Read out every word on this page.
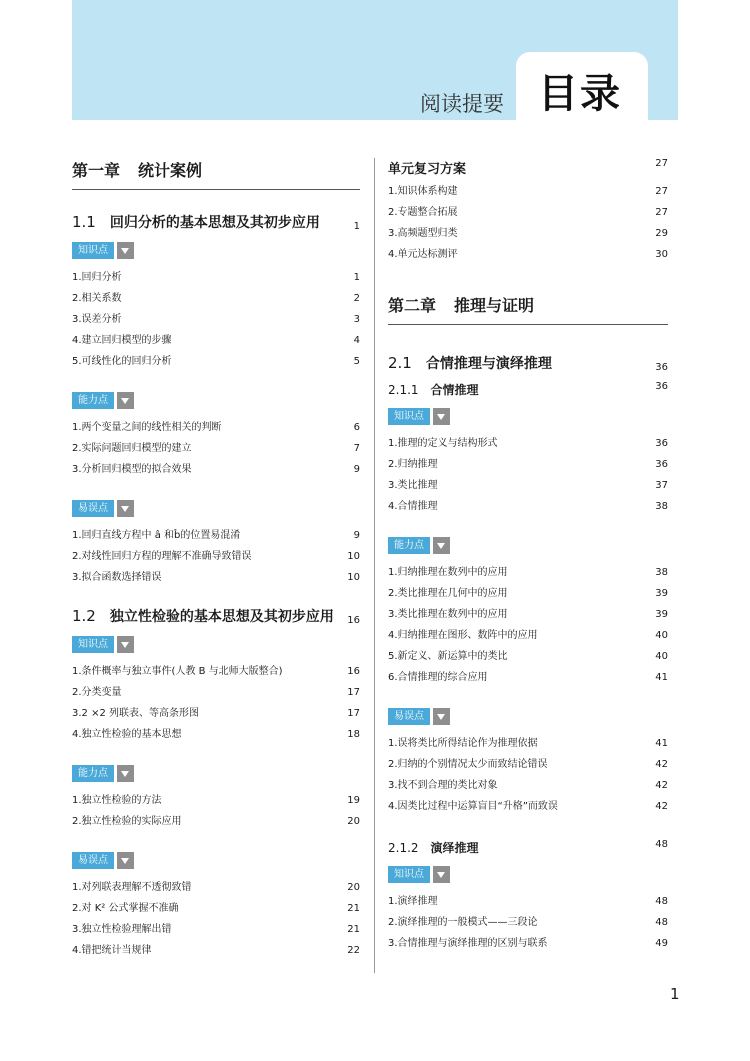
阅读提要 目录
第一章 统计案例
1.1 回归分析的基本思想及其初步应用	1
知识点
1.回归分析	1
2.相关系数	2
3.误差分析	3
4.建立回归模型的步骤	4
5.可线性化的回归分析	5
能力点
1.两个变量之间的线性相关的判断	6
2.实际问题回归模型的建立	7
3.分析回归模型的拟合效果	9
易误点
1.回归直线方程中 â 和b̂的位置易混淆	9
2.对线性回归方程的理解不准确导致错误	10
3.拟合函数选择错误	10
1.2 独立性检验的基本思想及其初步应用 16
知识点
1.条件概率与独立事件(人教 B 与北师大版整合)	16
2.分类变量	17
3.2 ×2 列联表、等高条形图	17
4.独立性检验的基本思想	18
能力点
1.独立性检验的方法	19
2.独立性检验的实际应用	20
易误点
1.对列联表理解不透彻致错	20
2.对 K² 公式掌握不准确	21
3.独立性检验理解出错	21
4.错把统计当规律	22
单元复习方案	27
1.知识体系构建	27
2.专题整合拓展	27
3.高频题型归类	29
4.单元达标测评	30
第二章 推理与证明
2.1 合情推理与演绎推理	36
2.1.1 合情推理	36
知识点
1.推理的定义与结构形式	36
2.归纳推理	36
3.类比推理	37
4.合情推理	38
能力点
1.归纳推理在数列中的应用	38
2.类比推理在几何中的应用	39
3.类比推理在数列中的应用	39
4.归纳推理在图形、数阵中的应用	40
5.新定义、新运算中的类比	40
6.合情推理的综合应用	41
易误点
1.误将类比所得结论作为推理依据	41
2.归纳的个别情况太少而致结论错误	42
3.找不到合理的类比对象	42
4.因类比过程中运算盲目“升格”而致误	42
2.1.2 演绎推理	48
知识点
1.演绎推理	48
2.演绎推理的一般模式——三段论	48
3.合情推理与演绎推理的区别与联系	49
1
